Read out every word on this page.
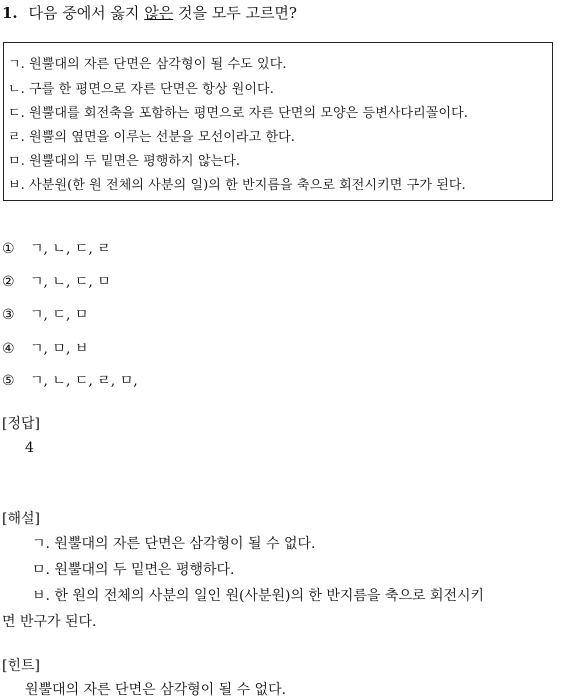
1. 다음 중에서 옳지 않은 것을 모두 고르면?
ㄱ. 원뿔대의 자른 단면은 삼각형이 될 수도 있다.
ㄴ. 구를 한 평면으로 자른 단면은 항상 원이다.
ㄷ. 원뿔대를 회전축을 포함하는 평면으로 자른 단면의 모양은 등변사다리꼴이다.
ㄹ. 원뿔의 옆면을 이루는 선분을 모선이라고 한다.
ㅁ. 원뿔대의 두 밑면은 평행하지 않는다.
ㅂ. 사분원(한 원 전체의 사분의 일)의 한 반지름을 축으로 회전시키면 구가 된다.
① ㄱ, ㄴ, ㄷ, ㄹ
② ㄱ, ㄴ, ㄷ, ㅁ
③ ㄱ, ㄷ, ㅁ
④ ㄱ, ㅁ, ㅂ
⑤ ㄱ, ㄴ, ㄷ, ㄹ, ㅁ,
[정답]
4
[해설]
ㄱ. 원뿔대의 자른 단면은 삼각형이 될 수 없다.
ㅁ. 원뿔대의 두 밑면은 평행하다.
ㅂ. 한 원의 전체의 사분의 일인 원(사분원)의 한 반지름을 축으로 회전시키
면 반구가 된다.
[힌트]
원뿔대의 자른 단면은 삼각형이 될 수 없다.
